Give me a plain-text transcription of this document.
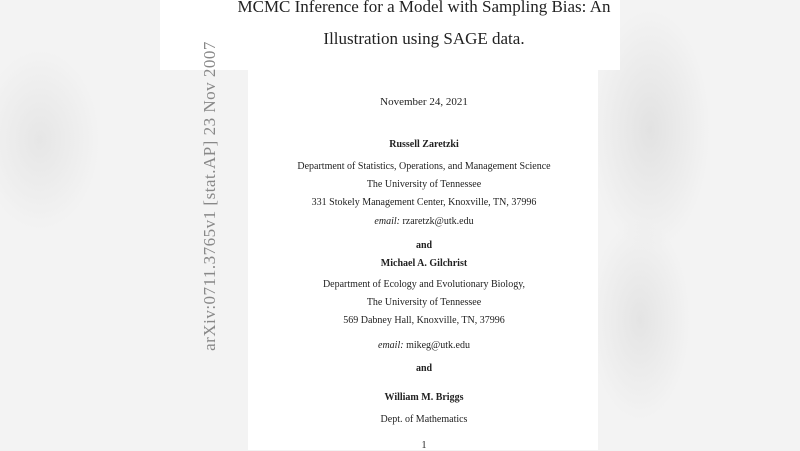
arXiv:0711.3765v1 [stat.AP] 23 Nov 2007
MCMC Inference for a Model with Sampling Bias: An
Illustration using SAGE data.
November 24, 2021
Russell Zaretzki
Department of Statistics, Operations, and Management Science
The University of Tennessee
331 Stokely Management Center, Knoxville, TN, 37996
email: rzaretzk@utk.edu
and
Michael A. Gilchrist
Department of Ecology and Evolutionary Biology,
The University of Tennessee
569 Dabney Hall, Knoxville, TN, 37996
email: mikeg@utk.edu
and
William M. Briggs
Dept. of Mathematics
1
